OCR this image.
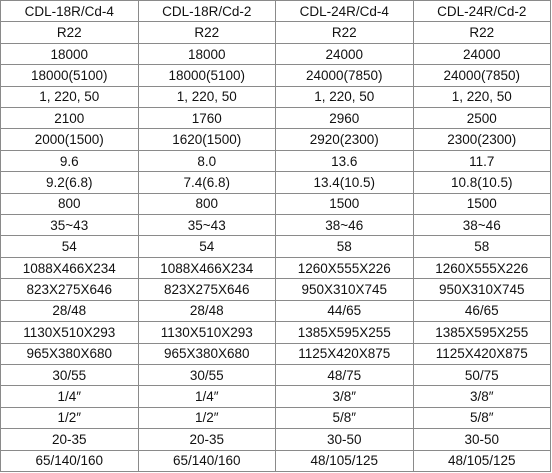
CDL-18R/Cd-4	CDL-18R/Cd-2	CDL-24R/Cd-4	CDL-24R/Cd-2
R22	R22	R22	R22
18000	18000	24000	24000
18000(5100)	18000(5100)	24000(7850)	24000(7850)
1, 220, 50	1, 220, 50	1, 220, 50	1, 220, 50
2100	1760	2960	2500
2000(1500)	1620(1500)	2920(2300)	2300(2300)
9.6	8.0	13.6	11.7
9.2(6.8)	7.4(6.8)	13.4(10.5)	10.8(10.5)
800	800	1500	1500
35~43	35~43	38~46	38~46
54	54	58	58
1088X466X234	1088X466X234	1260X555X226	1260X555X226
823X275X646	823X275X646	950X310X745	950X310X745
28/48	28/48	44/65	46/65
1130X510X293	1130X510X293	1385X595X255	1385X595X255
965X380X680	965X380X680	1125X420X875	1125X420X875
30/55	30/55	48/75	50/75
1/4″	1/4″	3/8″	3/8″
1/2″	1/2″	5/8″	5/8″
20-35	20-35	30-50	30-50
65/140/160	65/140/160	48/105/125	48/105/125
